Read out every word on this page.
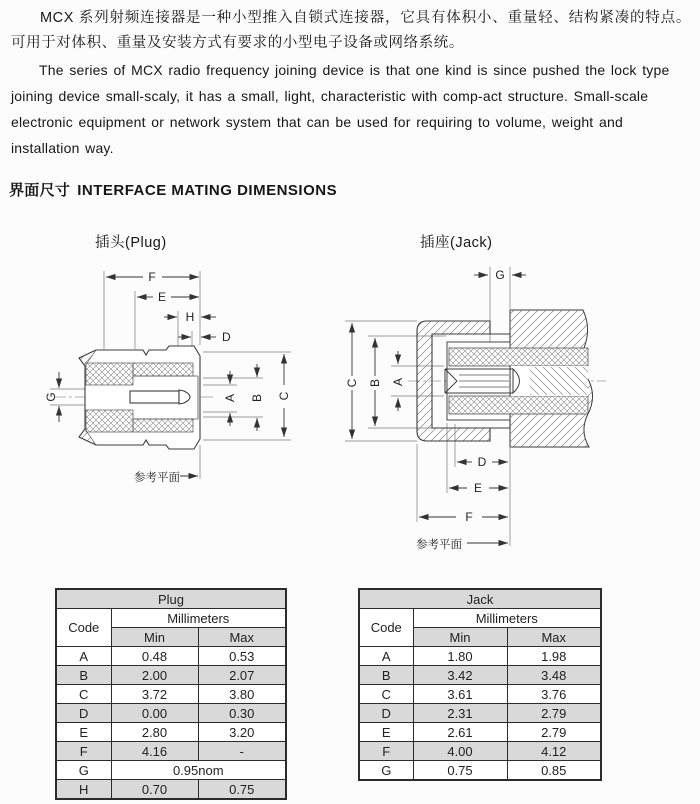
MCX 系列射频连接器是一种小型推入自锁式连接器，它具有体积小、重量轻、结构紧凑的特点。可用于对体积、重量及安装方式有要求的小型电子设备或网络系统。
The series of MCX radio frequency joining device is that one kind is since pushed the lock type joining device small-scaly, it has a small, light, characteristic with comp-act structure. Small-scale electronic equipment or network system that can be used for requiring to volume, weight and installation way.
界面尺寸 INTERFACE MATING DIMENSIONS
插头(Plug)	插座(Jack)
F
E
H
D
G	A B C
参考平面
G
C B A
D
E
F
参考平面
Plug		
Code	Millimeters	
	Min	Max
A	0.48	0.53
B	2.00	2.07
C	3.72	3.80
D	0.00	0.30
E	2.80	3.20
F	4.16	-
G	0.95nom	
H	0.70	0.75
Jack		
Code	Millimeters	
	Min	Max
A	1.80	1.98
B	3.42	3.48
C	3.61	3.76
D	2.31	2.79
E	2.61	2.79
F	4.00	4.12
G	0.75	0.85
